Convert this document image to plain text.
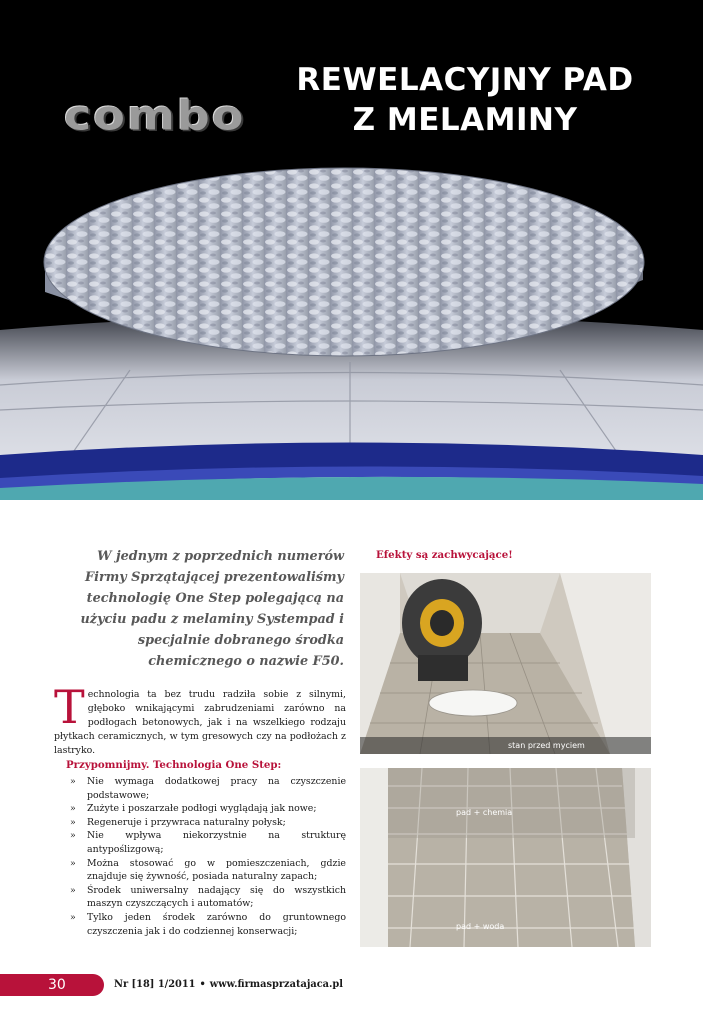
combo
REWELACYJNY PAD
Z MELAMINY
W jednym z poprzednich numerów Firmy Sprzątającej prezentowaliśmy technologię One Step polegającą na użyciu padu z melaminy Systempad i specjalnie dobranego środka chemicznego o nazwie F50.
Technologia ta bez trudu radziła sobie z silnymi, głęboko wnikającymi zabrudzeniami zarówno na podłogach betonowych, jak i na wszelkiego rodzaju płytkach ceramicznych, w tym gresowych czy na podłożach z lastryko.
Przypomnijmy. Technologia One Step:
» Nie wymaga dodatkowej pracy na czyszczenie podstawowe;
» Zużyte i poszarzałe podłogi wyglądają jak nowe;
» Regeneruje i przywraca naturalny połysk;
» Nie wpływa niekorzystnie na strukturę antypoślizgową;
» Można stosować go w pomieszczeniach, gdzie znajduje się żywność, posiada naturalny zapach;
» Środek uniwersalny nadający się do wszystkich maszyn czyszczących i automatów;
» Tylko jeden środek zarówno do gruntownego czyszczenia jak i do codziennej konserwacji;
Efekty są zachwycające!
stan przed myciem
pad + chemia
pad + woda
30	Nr [18] 1/2011 • www.firmasprzatajaca.pl
